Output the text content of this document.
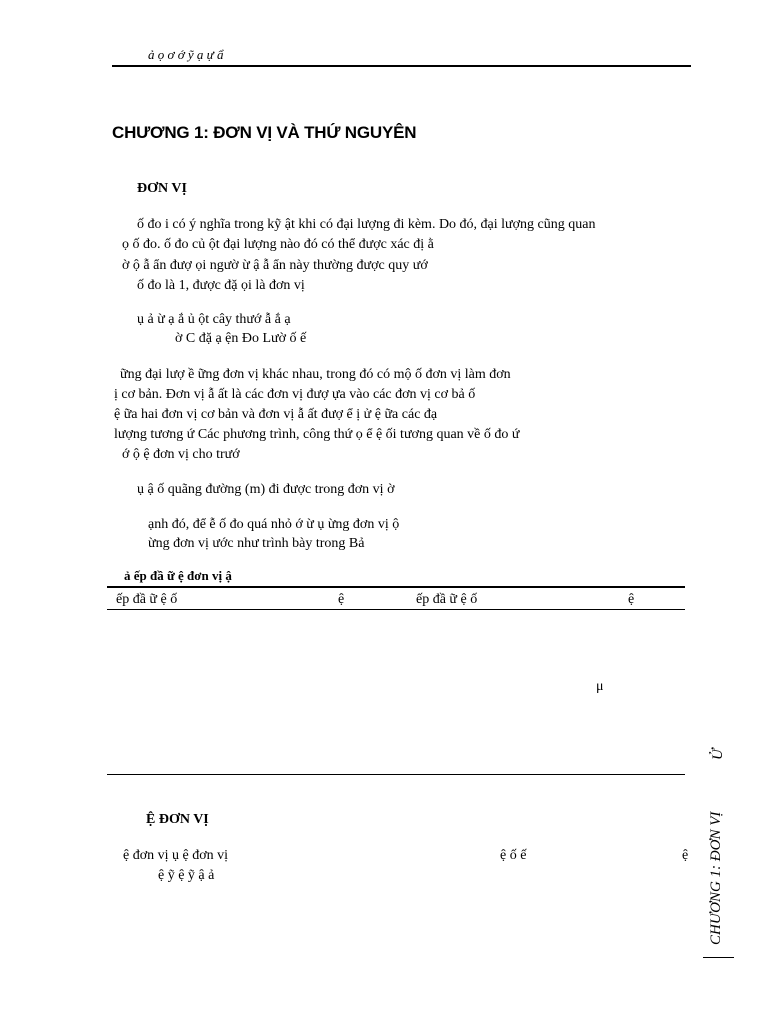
ả ọ ơ ớ ỹ ạ ự ẩ
CHƯƠNG 1: ĐƠN VỊ VÀ THỨ NGUYÊN
ĐƠN VỊ
ố đo i có ý nghĩa trong kỹ ật khi có đại lượng đi kèm. Do đó, đại lượng cũng quan
ọ ố đo. ố đo củ ột đại lượng nào đó có thể được xác đị ằ
ờ ộ ẫ ẩn đượ ọi ngườ ừ ậ ẫ ẩn này thường được quy ướ
ố đo là 1, được đặ ọi là đơn vị
ụ ả ừ ạ ắ ủ ột cây thướ ẫ ắ ạ
ờ C đặ ạ ện Đo Lườ ố ế
ững đại lượ ề ững đơn vị khác nhau, trong đó có mộ ố đơn vị làm đơn
ị cơ bản. Đơn vị ẫ ất là các đơn vị đượ ựa vào các đơn vị cơ bả ố
ệ ữa hai đơn vị cơ bản và đơn vị ẫ ất đượ ể ị ử ệ ữa các đạ
lượng tương ứ Các phương trình, công thứ ọ ể ệ ối tương quan về ố đo ứ
ớ ộ ệ đơn vị cho trướ
ụ ậ ố quãng đường (m) đi được trong đơn vị ờ
ạnh đó, để ễ ố đo quá nhỏ ớ ừ ụ ừng đơn vị ộ
ừng đơn vị ước như trình bày trong Bả
ả ếp đầ ữ ệ đơn vị ậ
ếp đầ ữ ệ ố	ệ	ếp đầ ữ ệ ố	ệ
μ
Ệ ĐƠN VỊ
ệ đơn vị ụ ệ đơn vị	ệ ố ế	ệ
ệ ỹ ệ ỹ ậ ả
Ử
CHƯƠNG 1: ĐƠN VỊ
